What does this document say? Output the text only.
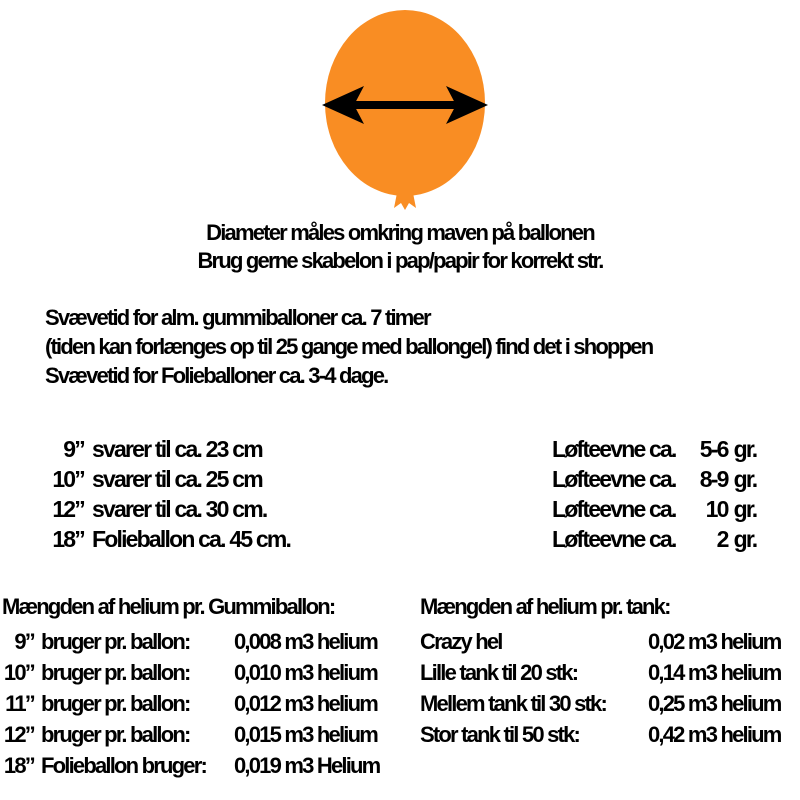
Diameter måles omkring maven på ballonen
Brug gerne skabelon i pap/papir for korrekt str.
Svævetid for alm. gummiballoner ca. 7 timer
(tiden kan forlænges op til 25 gange med ballongel) find det i shoppen
Svævetid for Folieballoner ca. 3-4 dage.
9” svarer til ca. 23 cm	Løfteevne ca. 5-6 gr.
10” svarer til ca. 25 cm	Løfteevne ca. 8-9 gr.
12” svarer til ca. 30 cm.	Løfteevne ca. 10 gr.
18” Folieballon ca. 45 cm.	Løfteevne ca. 2 gr.
Mængden af helium pr. Gummiballon:
9” bruger pr. ballon: 0,008 m3 helium
10” bruger pr. ballon: 0,010 m3 helium
11” bruger pr. ballon: 0,012 m3 helium
12” bruger pr. ballon: 0,015 m3 helium
18” Folieballon bruger: 0,019 m3 Helium
Mængden af helium pr. tank:
Crazy hel	0,02 m3 helium
Lille tank til 20 stk:	0,14 m3 helium
Mellem tank til 30 stk: 0,25 m3 helium
Stor tank til 50 stk:	0,42 m3 helium
